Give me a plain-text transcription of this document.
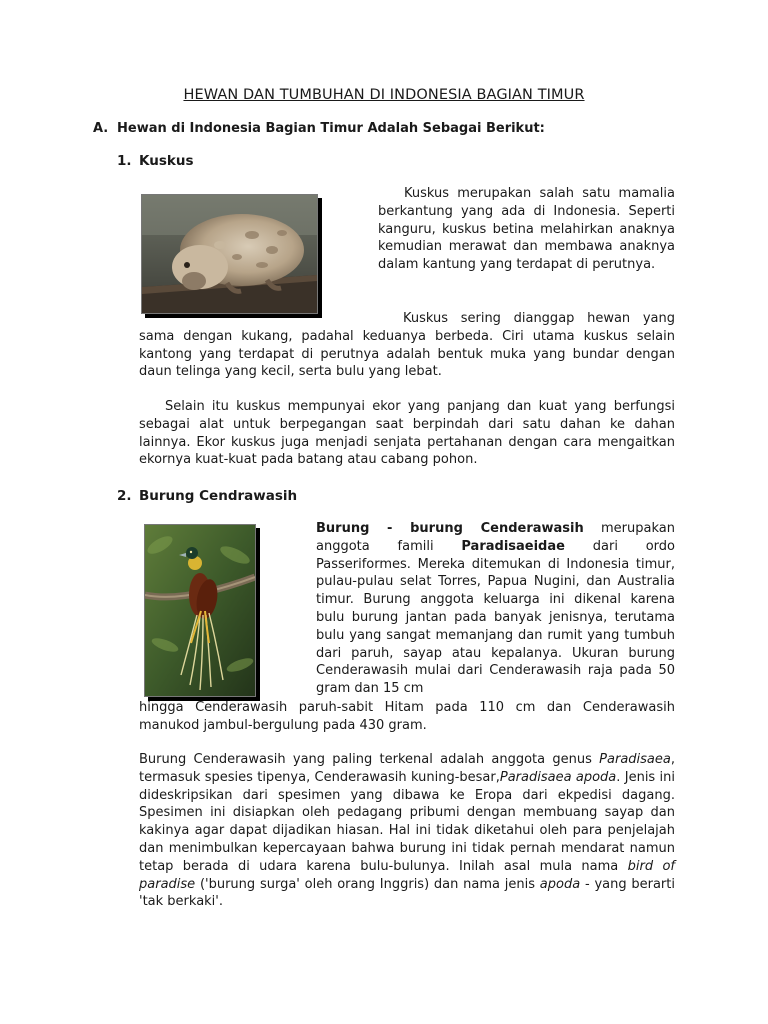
HEWAN DAN TUMBUHAN DI INDONESIA BAGIAN TIMUR
A. Hewan di Indonesia Bagian Timur Adalah Sebagai Berikut:
1. Kuskus
Kuskus merupakan salah satu mamalia berkantung yang ada di Indonesia. Seperti kanguru, kuskus betina melahirkan anaknya kemudian merawat dan membawa anaknya dalam kantung yang terdapat di perutnya.
Kuskus sering dianggap hewan yang sama dengan kukang, padahal keduanya berbeda. Ciri utama kuskus selain kantong yang terdapat di perutnya adalah bentuk muka yang bundar dengan daun telinga yang kecil, serta bulu yang lebat.
Selain itu kuskus mempunyai ekor yang panjang dan kuat yang berfungsi sebagai alat untuk berpegangan saat berpindah dari satu dahan ke dahan lainnya. Ekor kuskus juga menjadi senjata pertahanan dengan cara mengaitkan ekornya kuat-kuat pada batang atau cabang pohon.
2. Burung Cendrawasih
Burung - burung Cenderawasih merupakan anggota famili Paradisaeidae dari ordo Passeriformes. Mereka ditemukan di Indonesia timur, pulau-pulau selat Torres, Papua Nugini, dan Australia timur. Burung anggota keluarga ini dikenal karena bulu burung jantan pada banyak jenisnya, terutama bulu yang sangat memanjang dan rumit yang tumbuh dari paruh, sayap atau kepalanya. Ukuran burung Cenderawasih mulai dari Cenderawasih raja pada 50 gram dan 15 cm
hingga Cenderawasih paruh-sabit Hitam pada 110 cm dan Cenderawasih manukod jambul-bergulung pada 430 gram.
Burung Cenderawasih yang paling terkenal adalah anggota genus Paradisaea, termasuk spesies tipenya, Cenderawasih kuning-besar,Paradisaea apoda. Jenis ini dideskripsikan dari spesimen yang dibawa ke Eropa dari ekpedisi dagang. Spesimen ini disiapkan oleh pedagang pribumi dengan membuang sayap dan kakinya agar dapat dijadikan hiasan. Hal ini tidak diketahui oleh para penjelajah dan menimbulkan kepercayaan bahwa burung ini tidak pernah mendarat namun tetap berada di udara karena bulu-bulunya. Inilah asal mula nama bird of paradise ('burung surga' oleh orang Inggris) dan nama jenis apoda - yang berarti 'tak berkaki'.
